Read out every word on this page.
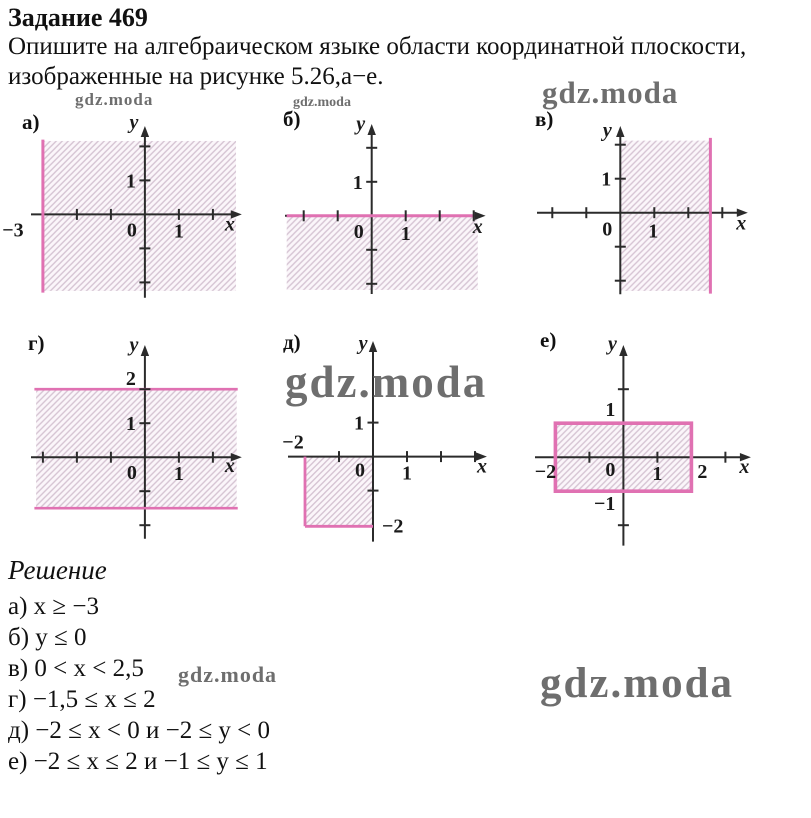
Задание 469
Опишите на алгебраическом языке области координатной плоскости,
изображенные на рисунке 5.26,а−е.
Решение
а) x ≥ −3
б) y ≤ 0
в) 0 < x < 2,5
г) −1,5 ≤ x ≤ 2
д) −2 ≤ x < 0 и −2 ≤ y < 0
е) −2 ≤ x ≤ 2 и −1 ≤ y ≤ 1
y
x
1
0 1
−3
а)	y
x
1
0 1
б)	y
x
1
0 1
в)
y
x
2
1
0 1
г)	y
x
1
−2
0 1
−2
д)	y
x
1
−1
−2 0 1 2
е)
gdz.moda	gdz.moda	gdz.moda
gdz.moda
gdz.moda	gdz.moda
